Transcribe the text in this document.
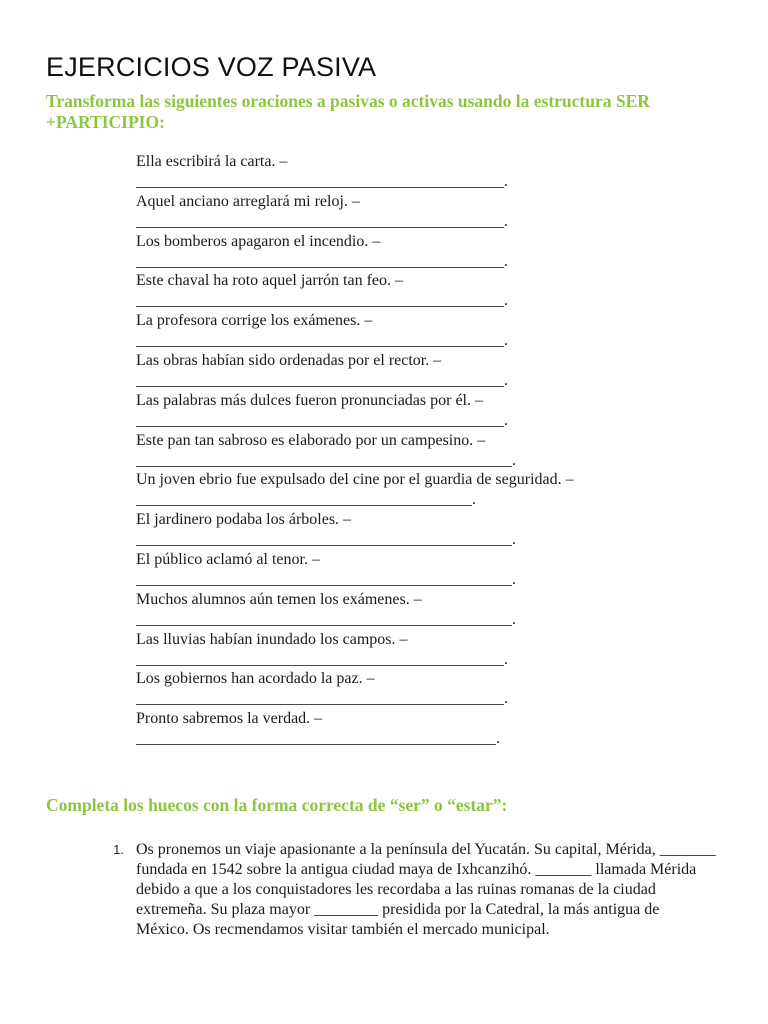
EJERCICIOS VOZ PASIVA
Transforma las siguientes oraciones a pasivas o activas usando la estructura SER +PARTICIPIO:
Ella escribirá la carta. –
______________________________________________.
Aquel anciano arreglará mi reloj. –
______________________________________________.
Los bomberos apagaron el incendio. –
______________________________________________.
Este chaval ha roto aquel jarrón tan feo. –
______________________________________________.
La profesora corrige los exámenes. –
______________________________________________.
Las obras habían sido ordenadas por el rector. –
______________________________________________.
Las palabras más dulces fueron pronunciadas por él. –
______________________________________________.
Este pan tan sabroso es elaborado por un campesino. –
_______________________________________________.
Un joven ebrio fue expulsado del cine por el guardia de seguridad. –
__________________________________________.
El jardinero podaba los árboles. –
_______________________________________________.
El público aclamó al tenor. –
_______________________________________________.
Muchos alumnos aún temen los exámenes. –
_______________________________________________.
Las lluvias habían inundado los campos. –
______________________________________________.
Los gobiernos han acordado la paz. –
______________________________________________.
Pronto sabremos la verdad. –
_____________________________________________.
Completa los huecos con la forma correcta de “ser” o “estar”:
1. Os pronemos un viaje apasionante a la península del Yucatán. Su capital, Mérida, _______ fundada en 1542 sobre la antigua ciudad maya de Ixhcanzihó. _______ llamada Mérida debido a que a los conquistadores les recordaba a las ruinas romanas de la ciudad extremeña. Su plaza mayor ________ presidida por la Catedral, la más antigua de México. Os recmendamos visitar también el mercado municipal.
